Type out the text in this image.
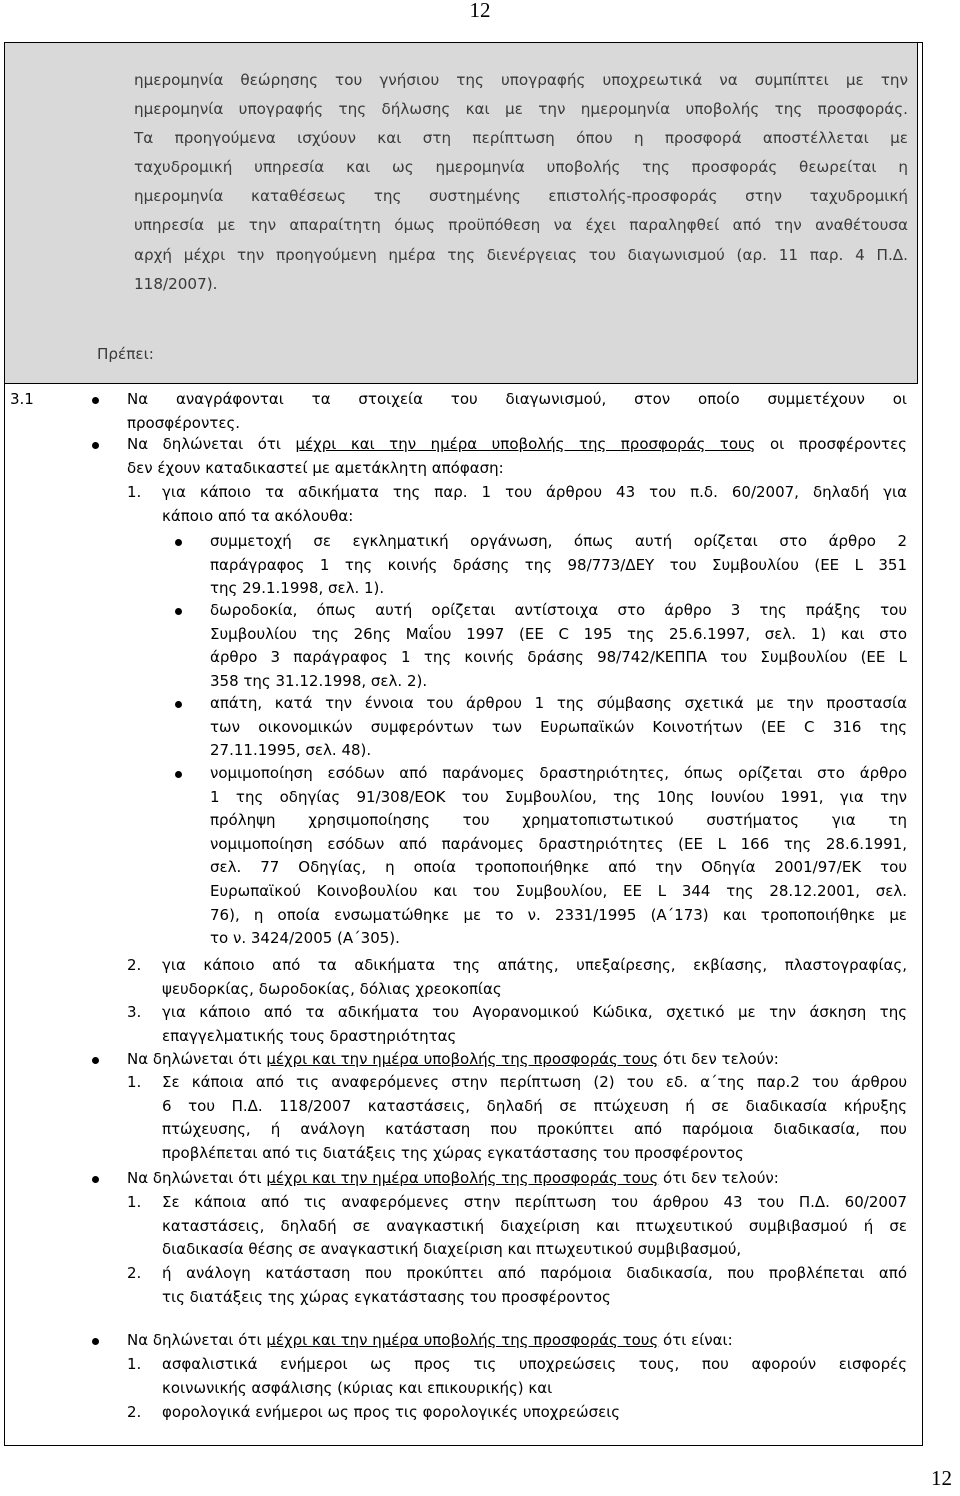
12

ημερομηνία θεώρησης του γνήσιου της υπογραφής υποχρεωτικά να συμπίπτει με την

ημερομηνία υπογραφής της δήλωσης και με την ημερομηνία υποβολής της προσφοράς.

Τα προηγούμενα ισχύουν και στη περίπτωση όπου η προσφορά αποστέλλεται με

ταχυδρομική υπηρεσία και ως ημερομηνία υποβολής της προσφοράς θεωρείται η

ημερομηνία καταθέσεως της συστημένης επιστολής-προσφοράς στην ταχυδρομική

υπηρεσία με την απαραίτητη όμως προϋπόθεση να έχει παραληφθεί από την αναθέτουσα

αρχή μέχρι την προηγούμενη ημέρα της διενέργειας του διαγωνισμού (αρ. 11 παρ. 4 Π.Δ.

118/2007).

Πρέπει:
3.1	Να αναγράφονται τα στοιχεία του διαγωνισμού, στον οποίο συμμετέχουν οι

προσφέροντες.

Να δηλώνεται ότι μέχρι και την ημέρα υποβολής της προσφοράς τους οι προσφέροντες

δεν έχουν καταδικαστεί με αμετάκλητη απόφαση:

1. για κάποιο τα αδικήματα της παρ. 1 του άρθρου 43 του π.δ. 60/2007, δηλαδή για

κάποιο από τα ακόλουθα:

συμμετοχή σε εγκληματική οργάνωση, όπως αυτή ορίζεται στο άρθρο 2

παράγραφος 1 της κοινής δράσης της 98/773/ΔΕΥ του Συμβουλίου (ΕΕ L 351

της 29.1.1998, σελ. 1).

δωροδοκία, όπως αυτή ορίζεται αντίστοιχα στο άρθρο 3 της πράξης του

Συμβουλίου της 26ης Μαΐου 1997 (ΕΕ C 195 της 25.6.1997, σελ. 1) και στο

άρθρο 3 παράγραφος 1 της κοινής δράσης 98/742/ΚΕΠΠΑ του Συμβουλίου (ΕΕ L

358 της 31.12.1998, σελ. 2).

απάτη, κατά την έννοια του άρθρου 1 της σύμβασης σχετικά με την προστασία

των οικονομικών συμφερόντων των Ευρωπαϊκών Κοινοτήτων (ΕΕ C 316 της

27.11.1995, σελ. 48).

νομιμοποίηση εσόδων από παράνομες δραστηριότητες, όπως ορίζεται στο άρθρο

1 της οδηγίας 91/308/ΕΟΚ του Συμβουλίου, της 10ης Ιουνίου 1991, για την

πρόληψη χρησιμοποίησης του χρηματοπιστωτικού συστήματος για τη

νομιμοποίηση εσόδων από παράνομες δραστηριότητες (ΕΕ L 166 της 28.6.1991,

σελ. 77 Οδηγίας, η οποία τροποποιήθηκε από την Οδηγία 2001/97/ΕΚ του

Ευρωπαϊκού Κοινοβουλίου και του Συμβουλίου, ΕΕ L 344 της 28.12.2001, σελ.

76), η οποία ενσωματώθηκε με το ν. 2331/1995 (Α΄173) και τροποποιήθηκε με

το ν. 3424/2005 (Α΄305).

2. για κάποιο από τα αδικήματα της απάτης, υπεξαίρεσης, εκβίασης, πλαστογραφίας,

ψευδορκίας, δωροδοκίας, δόλιας χρεοκοπίας

3. για κάποιο από τα αδικήματα του Αγορανομικού Κώδικα, σχετικό με την άσκηση της

επαγγελματικής τους δραστηριότητας

Να δηλώνεται ότι μέχρι και την ημέρα υποβολής της προσφοράς τους ότι δεν τελούν:

1. Σε κάποια από τις αναφερόμενες στην περίπτωση (2) του εδ. α΄της παρ.2 του άρθρου

6 του Π.Δ. 118/2007 καταστάσεις, δηλαδή σε πτώχευση ή σε διαδικασία κήρυξης

πτώχευσης, ή ανάλογη κατάσταση που προκύπτει από παρόμοια διαδικασία, που

προβλέπεται από τις διατάξεις της χώρας εγκατάστασης του προσφέροντος

Να δηλώνεται ότι μέχρι και την ημέρα υποβολής της προσφοράς τους ότι δεν τελούν:

1. Σε κάποια από τις αναφερόμενες στην περίπτωση του άρθρου 43 του Π.Δ. 60/2007

καταστάσεις, δηλαδή σε αναγκαστική διαχείριση και πτωχευτικού συμβιβασμού ή σε

διαδικασία θέσης σε αναγκαστική διαχείριση και πτωχευτικού συμβιβασμού,

2. ή ανάλογη κατάσταση που προκύπτει από παρόμοια διαδικασία, που προβλέπεται από

τις διατάξεις της χώρας εγκατάστασης του προσφέροντος

Να δηλώνεται ότι μέχρι και την ημέρα υποβολής της προσφοράς τους ότι είναι:

1. ασφαλιστικά ενήμεροι ως προς τις υποχρεώσεις τους, που αφορούν εισφορές

κοινωνικής ασφάλισης (κύριας και επικουρικής) και

2. φορολογικά ενήμεροι ως προς τις φορολογικές υποχρεώσεις

12
